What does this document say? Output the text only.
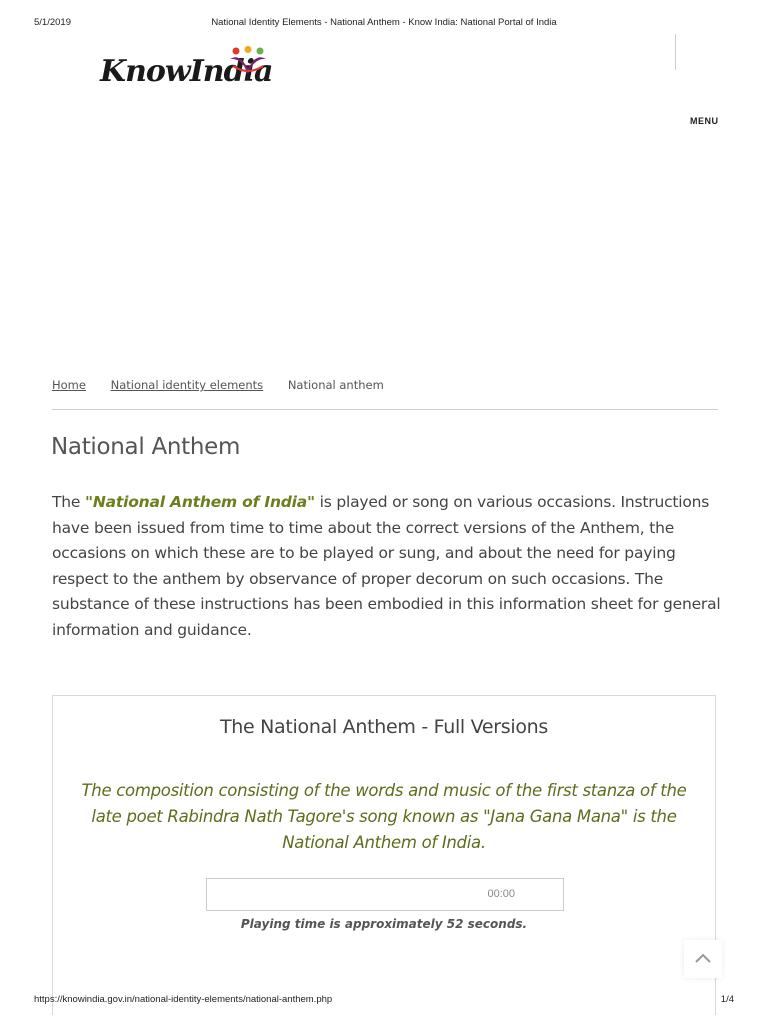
5/1/2019	National Identity Elements - National Anthem - Know India: National Portal of India
KnowIndia
MENU
Home National identity elements National anthem
National Anthem

The "National Anthem of India" is played or song on various occasions. Instructions have been issued from time to time about the correct versions of the Anthem, the occasions on which these are to be played or sung, and about the need for paying respect to the anthem by observance of proper decorum on such occasions. The substance of these instructions has been embodied in this information sheet for general information and guidance.

The National Anthem - Full Versions

The composition consisting of the words and music of the first stanza of the late poet Rabindra Nath Tagore's song known as "Jana Gana Mana" is the National Anthem of India.

00:00

Playing time is approximately 52 seconds.

https://knowindia.gov.in/national-identity-elements/national-anthem.php	1/4
